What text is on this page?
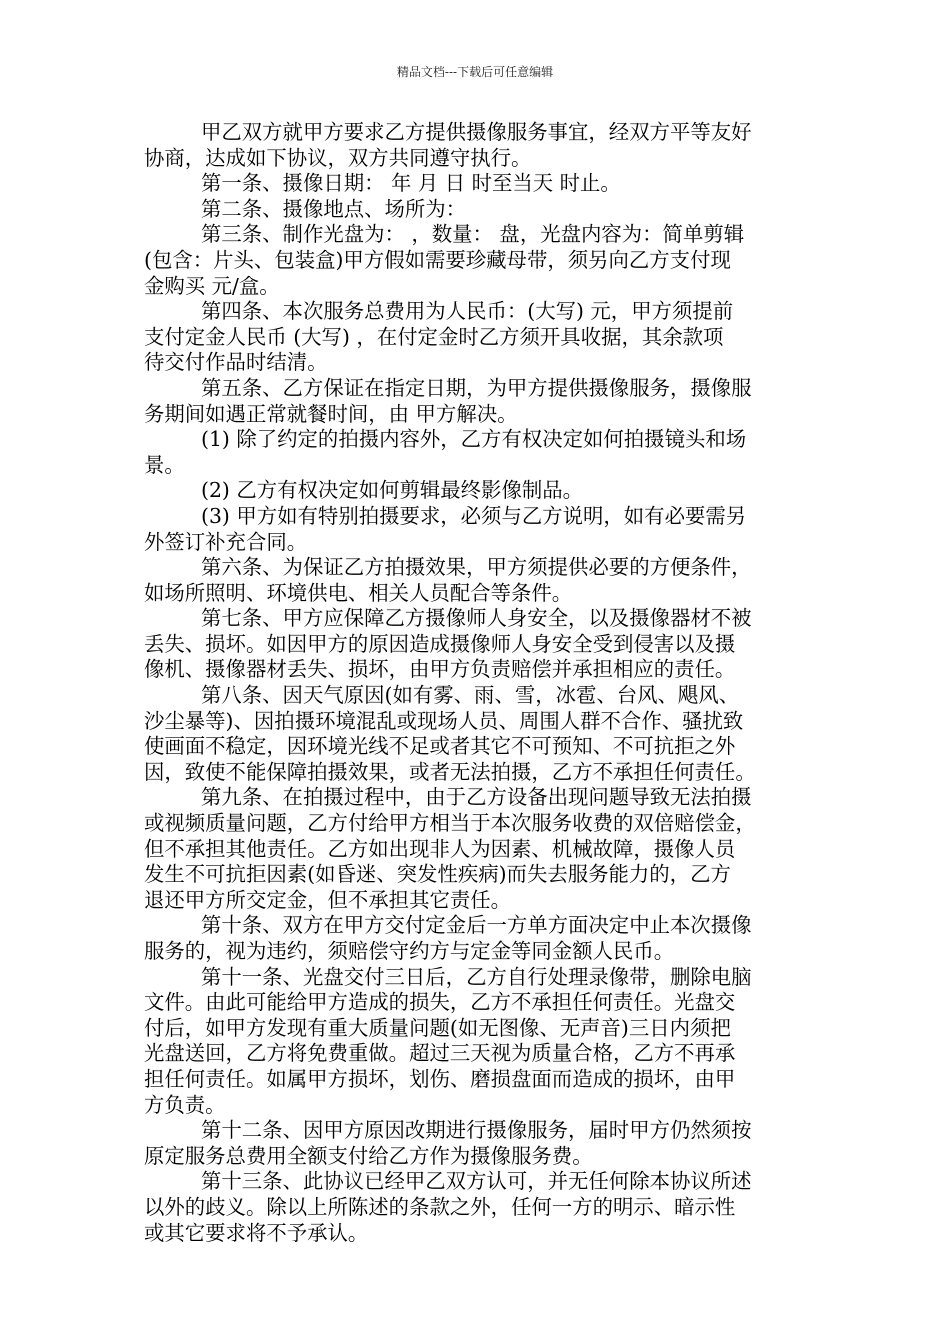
精品文档---下载后可任意编辑
甲乙双方就甲方要求乙方提供摄像服务事宜，经双方平等友好
协商，达成如下协议，双方共同遵守执行。
第一条、摄像日期： 年 月 日 时至当天 时止。
第二条、摄像地点、场所为：
第三条、制作光盘为： ，数量： 盘，光盘内容为：简单剪辑
(包含：片头、包装盒)甲方假如需要珍藏母带，须另向乙方支付现
金购买 元/盒。
第四条、本次服务总费用为人民币：(大写) 元，甲方须提前
支付定金人民币 (大写) ，在付定金时乙方须开具收据，其余款项
待交付作品时结清。
第五条、乙方保证在指定日期，为甲方提供摄像服务，摄像服
务期间如遇正常就餐时间，由 甲方解决。
(1) 除了约定的拍摄内容外，乙方有权决定如何拍摄镜头和场
景。
(2) 乙方有权决定如何剪辑最终影像制品。
(3) 甲方如有特别拍摄要求，必须与乙方说明，如有必要需另
外签订补充合同。
第六条、为保证乙方拍摄效果，甲方须提供必要的方便条件，
如场所照明、环境供电、相关人员配合等条件。
第七条、甲方应保障乙方摄像师人身安全，以及摄像器材不被
丢失、损坏。如因甲方的原因造成摄像师人身安全受到侵害以及摄
像机、摄像器材丢失、损坏，由甲方负责赔偿并承担相应的责任。
第八条、因天气原因(如有雾、雨、雪，冰雹、台风、飓风、
沙尘暴等)、因拍摄环境混乱或现场人员、周围人群不合作、骚扰致
使画面不稳定，因环境光线不足或者其它不可预知、不可抗拒之外
因，致使不能保障拍摄效果，或者无法拍摄，乙方不承担任何责任。
第九条、在拍摄过程中，由于乙方设备出现问题导致无法拍摄
或视频质量问题，乙方付给甲方相当于本次服务收费的双倍赔偿金，
但不承担其他责任。乙方如出现非人为因素、机械故障，摄像人员
发生不可抗拒因素(如昏迷、突发性疾病)而失去服务能力的，乙方
退还甲方所交定金，但不承担其它责任。
第十条、双方在甲方交付定金后一方单方面决定中止本次摄像
服务的，视为违约，须赔偿守约方与定金等同金额人民币。
第十一条、光盘交付三日后，乙方自行处理录像带，删除电脑
文件。由此可能给甲方造成的损失，乙方不承担任何责任。光盘交
付后，如甲方发现有重大质量问题(如无图像、无声音)三日内须把
光盘送回，乙方将免费重做。超过三天视为质量合格，乙方不再承
担任何责任。如属甲方损坏，划伤、磨损盘面而造成的损坏，由甲
方负责。
第十二条、因甲方原因改期进行摄像服务，届时甲方仍然须按
原定服务总费用全额支付给乙方作为摄像服务费。
第十三条、此协议已经甲乙双方认可，并无任何除本协议所述
以外的歧义。除以上所陈述的条款之外，任何一方的明示、暗示性
或其它要求将不予承认。
